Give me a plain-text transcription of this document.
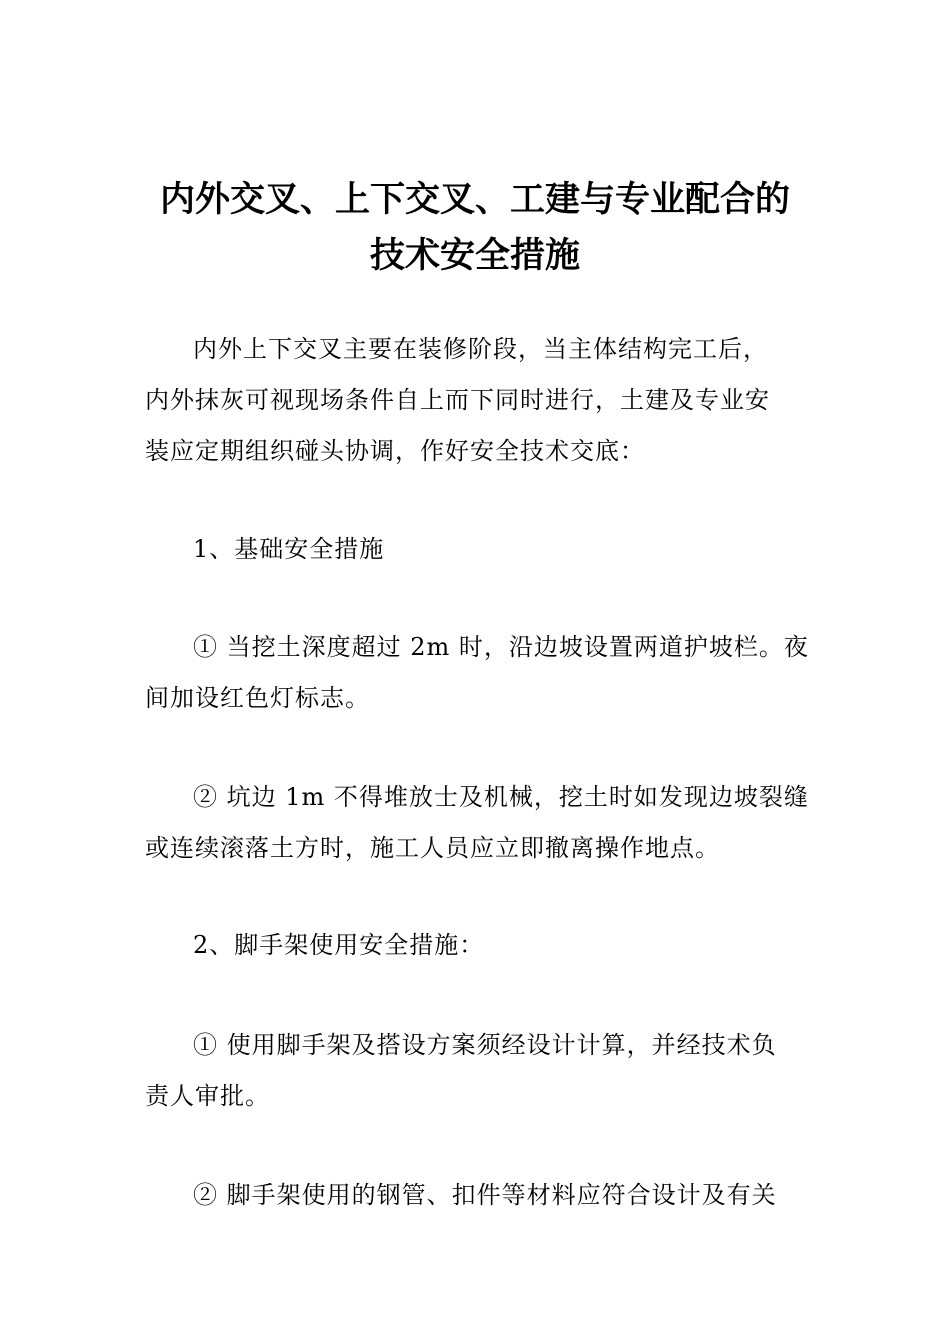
内外交叉、上下交叉、工建与专业配合的
技术安全措施

内外上下交叉主要在装修阶段，当主体结构完工后，
内外抹灰可视现场条件自上而下同时进行，土建及专业安
装应定期组织碰头协调，作好安全技术交底：

1、基础安全措施

① 当挖土深度超过 2m 时，沿边坡设置两道护坡栏。夜
间加设红色灯标志。

② 坑边 1m 不得堆放士及机械，挖土时如发现边坡裂缝
或连续滚落土方时，施工人员应立即撤离操作地点。

2、脚手架使用安全措施：

① 使用脚手架及搭设方案须经设计计算，并经技术负
责人审批。

② 脚手架使用的钢管、扣件等材料应符合设计及有关
